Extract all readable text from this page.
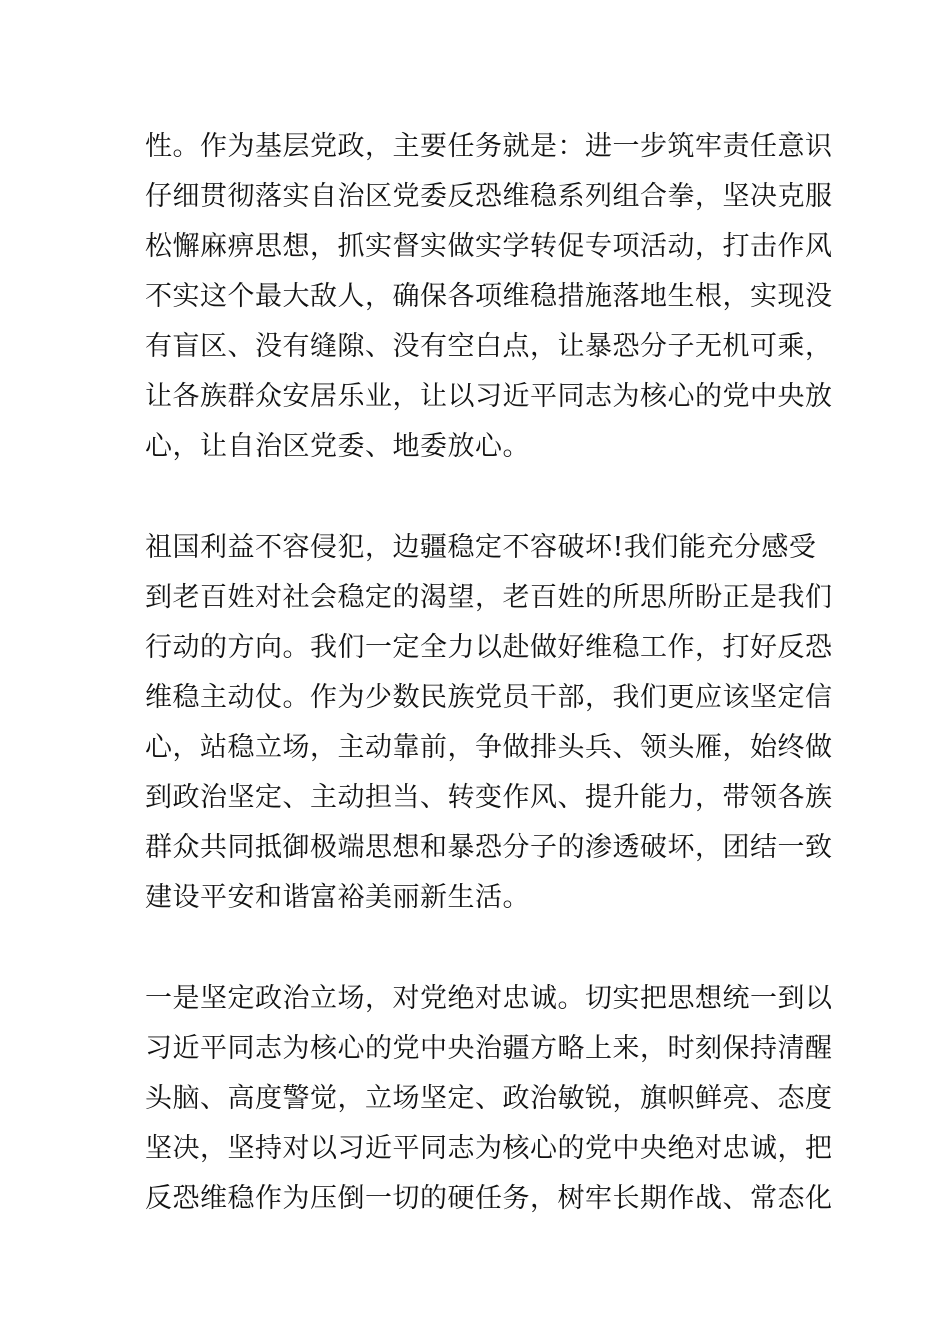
性。作为基层党政，主要任务就是：进一步筑牢责任意识
仔细贯彻落实自治区党委反恐维稳系列组合拳，坚决克服
松懈麻痹思想，抓实督实做实学转促专项活动，打击作风
不实这个最大敌人，确保各项维稳措施落地生根，实现没
有盲区、没有缝隙、没有空白点，让暴恐分子无机可乘，
让各族群众安居乐业，让以习近平同志为核心的党中央放
心，让自治区党委、地委放心。
祖国利益不容侵犯，边疆稳定不容破坏!我们能充分感受
到老百姓对社会稳定的渴望，老百姓的所思所盼正是我们
行动的方向。我们一定全力以赴做好维稳工作，打好反恐
维稳主动仗。作为少数民族党员干部，我们更应该坚定信
心，站稳立场，主动靠前，争做排头兵、领头雁，始终做
到政治坚定、主动担当、转变作风、提升能力，带领各族
群众共同抵御极端思想和暴恐分子的渗透破坏，团结一致
建设平安和谐富裕美丽新生活。
一是坚定政治立场，对党绝对忠诚。切实把思想统一到以
习近平同志为核心的党中央治疆方略上来，时刻保持清醒
头脑、高度警觉，立场坚定、政治敏锐，旗帜鲜亮、态度
坚决，坚持对以习近平同志为核心的党中央绝对忠诚，把
反恐维稳作为压倒一切的硬任务，树牢长期作战、常态化
